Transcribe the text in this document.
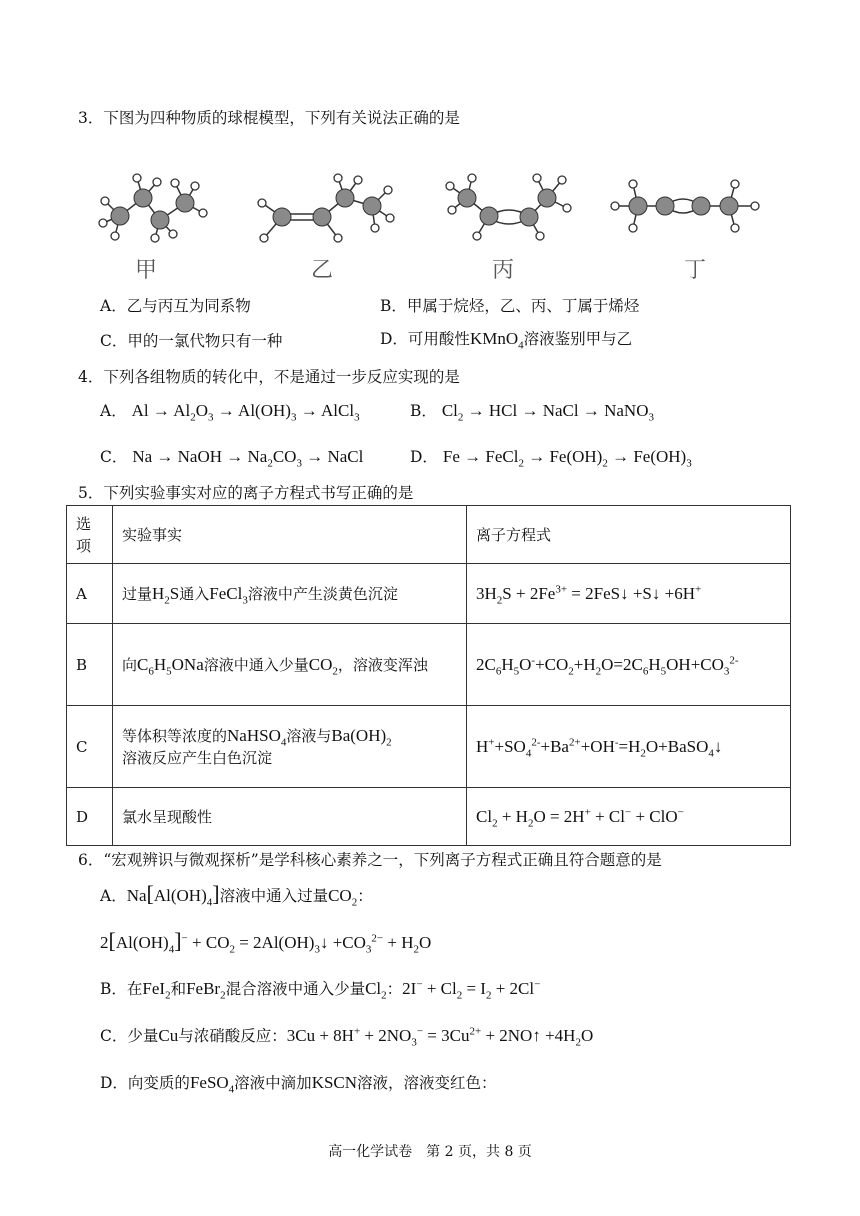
3．下图为四种物质的球棍模型，下列有关说法正确的是
甲	乙	丙	丁
A．乙与丙互为同系物	B．甲属于烷烃，乙、丙、丁属于烯烃
C．甲的一氯代物只有一种	D．可用酸性KMnO$_4$溶液鉴别甲与乙
4．下列各组物质的转化中，不是通过一步反应实现的是
A． $Al \to Al_2O_3 \to Al(OH)_3$ → AlCl$_3$	B． $Cl_2$ → HCl → NaCl → NaNO$_3$
C． Na → NaOH → $Na_2CO_3$ → NaCl	D． Fe → FeCl$_2$ → $Fe(OH)_2 \to Fe(OH)_3$
5．下列实验事实对应的离子方程式书写正确的是
选项	实验事实	离子方程式
A	过量$H_2S$通入FeCl$_3$溶液中产生淡黄色沉淀	$3H_2S + 2Fe^{3+}$ = 2FeS↓ +S↓ +6H+
B	向$C_6H_5ONa$溶液中通入少量$CO_2$，溶液变浑浊	$2C_6H_5O^-+CO_2+H_2O=2C_6H_5OH+CO_3^{2-}$
C	等体积等浓度的NaHSO$_4$溶液与$Ba(OH)_2$
溶液反应产生白色沉淀	$H^++SO_4^{2-}+Ba^{2+}+OH^-=H_2O+BaSO_4↓$
D	氯水呈现酸性	$Cl_2 + H_2O = 2H^+ + Cl^- + ClO^-$
6．“宏观辨识与微观探析”是学科核心素养之一，下列离子方程式正确且符合题意的是
A．$Na[Al(OH)_4]$溶液中通入过量$CO_2$：
$2[Al(OH)_4]^- + CO_2$ = $2Al(OH)_3↓ +CO_3^{2-} + H_2O$
B．在FeI$_2$和FeBr$_2$混合溶液中通入少量$Cl_2$：$2I^- + Cl_2 = I_2 + 2Cl^-$
C．少量Cu与浓硝酸反应：$3Cu + 8H^+ + 2NO_3^- = 3Cu^{2+}$ + 2NO↑ $+4H_2O$
D．向变质的FeSO$_4$溶液中滴加KSCN溶液，溶液变红色：
高一化学试卷　第 2 页，共 8 页
